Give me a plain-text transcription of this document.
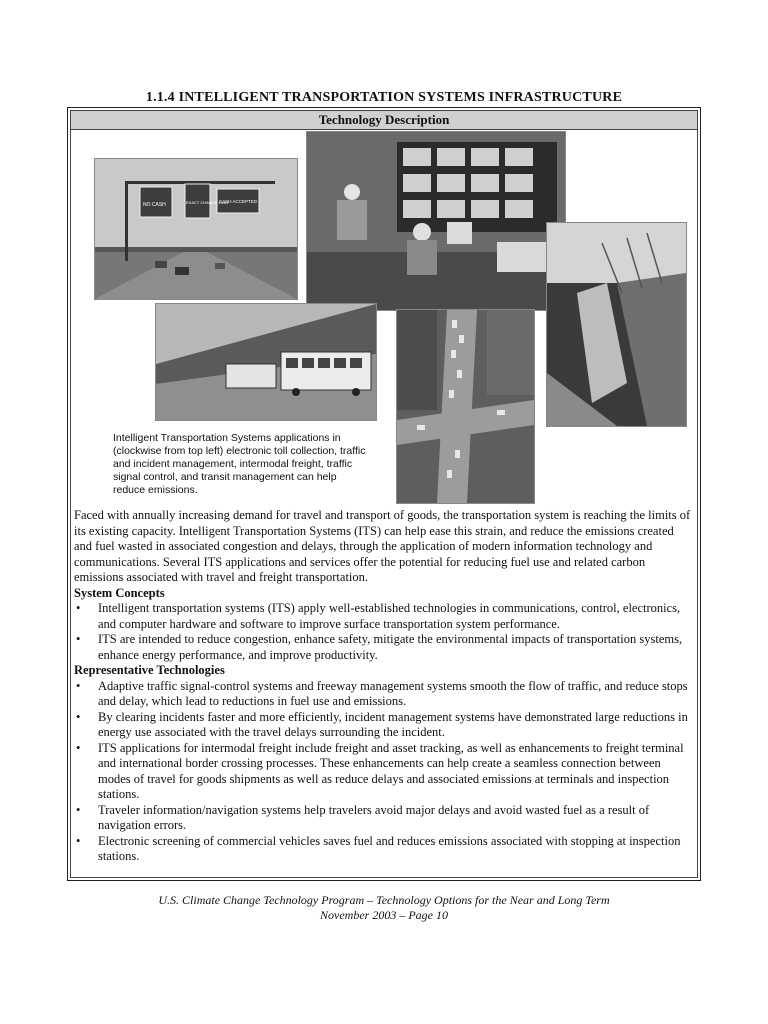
1.1.4 INTELLIGENT TRANSPORTATION SYSTEMS INFRASTRUCTURE
Technology Description
NO CASH	EXACT CHANGE ONLY
CASH ACCEPTED
Intelligent Transportation Systems applications in (clockwise from top left) electronic toll collection, traffic and incident management, intermodal freight, traffic signal control, and transit management can help reduce emissions.

Faced with annually increasing demand for travel and transport of goods, the transportation system is reaching the limits of its existing capacity. Intelligent Transportation Systems (ITS) can help ease this strain, and reduce the emissions created and fuel wasted in associated congestion and delays, through the application of modern information technology and communications. Several ITS applications and services offer the potential for reducing fuel use and related carbon emissions associated with travel and freight transportation.

System Concepts

• Intelligent transportation systems (ITS) apply well-established technologies in communications, control, electronics, and computer hardware and software to improve surface transportation system performance.
• ITS are intended to reduce congestion, enhance safety, mitigate the environmental impacts of transportation systems, enhance energy performance, and improve productivity.

Representative Technologies

• Adaptive traffic signal-control systems and freeway management systems smooth the flow of traffic, and reduce stops and delay, which lead to reductions in fuel use and emissions.
• By clearing incidents faster and more efficiently, incident management systems have demonstrated large reductions in energy use associated with the travel delays surrounding the incident.
• ITS applications for intermodal freight include freight and asset tracking, as well as enhancements to freight terminal and international border crossing processes. These enhancements can help create a seamless connection between modes of travel for goods shipments as well as reduce delays and associated emissions at terminals and inspection stations.
• Traveler information/navigation systems help travelers avoid major delays and avoid wasted fuel as a result of navigation errors.
• Electronic screening of commercial vehicles saves fuel and reduces emissions associated with stopping at inspection stations.
U.S. Climate Change Technology Program – Technology Options for the Near and Long Term
November 2003 – Page 10
